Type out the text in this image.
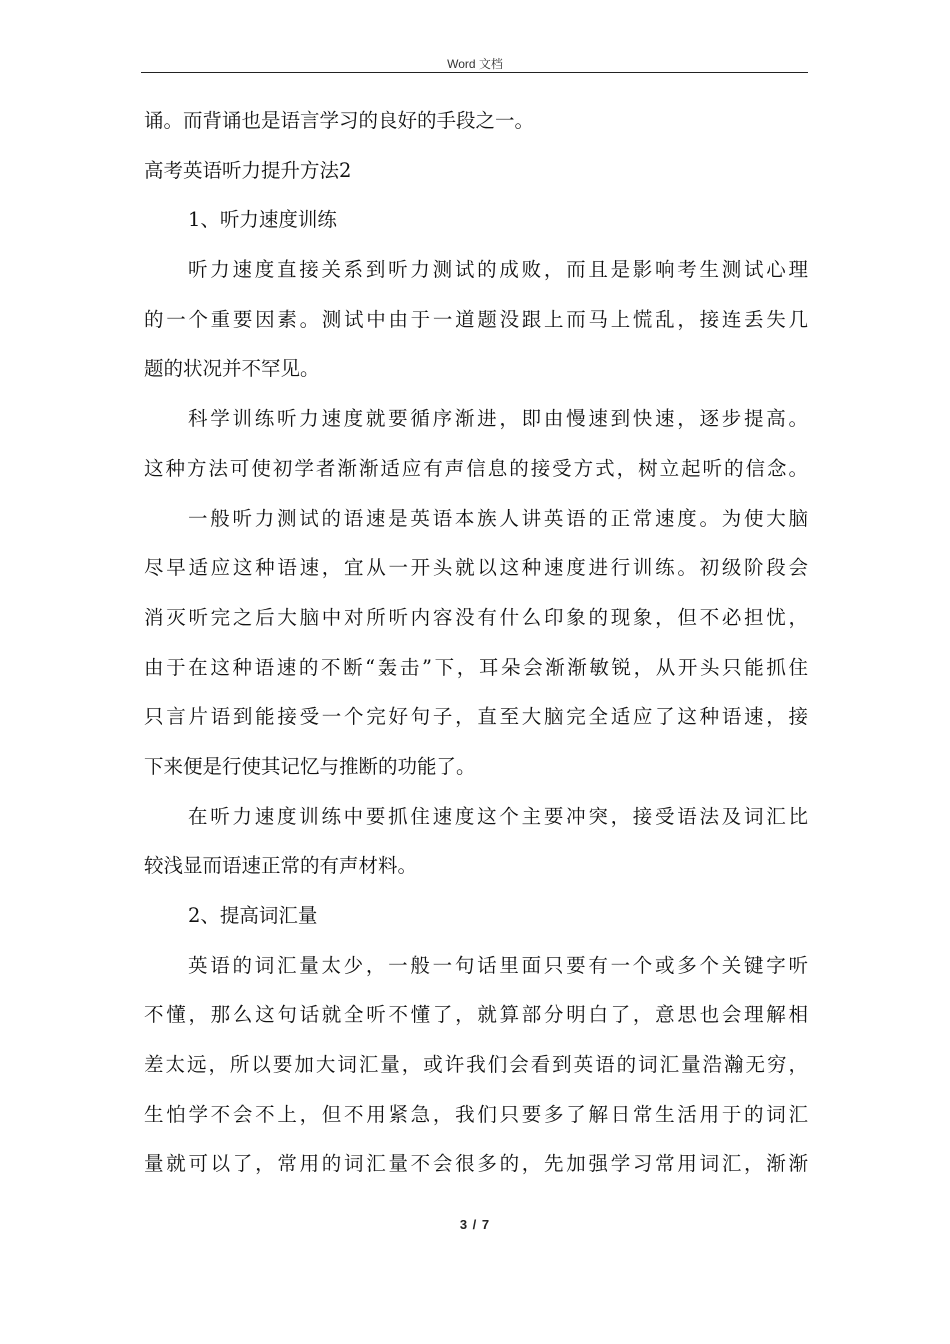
Word 文档
诵。而背诵也是语言学习的良好的手段之一。
高考英语听力提升方法2
1、听力速度训练
听力速度直接关系到听力测试的成败，而且是影响考生测试心理
的一个重要因素。测试中由于一道题没跟上而马上慌乱，接连丢失几
题的状况并不罕见。
科学训练听力速度就要循序渐进，即由慢速到快速，逐步提高。
这种方法可使初学者渐渐适应有声信息的接受方式，树立起听的信念。
一般听力测试的语速是英语本族人讲英语的正常速度。为使大脑
尽早适应这种语速，宜从一开头就以这种速度进行训练。初级阶段会
消灭听完之后大脑中对所听内容没有什么印象的现象，但不必担忧，
由于在这种语速的不断“轰击”下，耳朵会渐渐敏锐，从开头只能抓住
只言片语到能接受一个完好句子，直至大脑完全适应了这种语速，接
下来便是行使其记忆与推断的功能了。
在听力速度训练中要抓住速度这个主要冲突，接受语法及词汇比
较浅显而语速正常的有声材料。
2、提高词汇量
英语的词汇量太少，一般一句话里面只要有一个或多个关键字听
不懂，那么这句话就全听不懂了，就算部分明白了，意思也会理解相
差太远，所以要加大词汇量，或许我们会看到英语的词汇量浩瀚无穷，
生怕学不会不上，但不用紧急，我们只要多了解日常生活用于的词汇
量就可以了，常用的词汇量不会很多的，先加强学习常用词汇，渐渐
3 / 7
